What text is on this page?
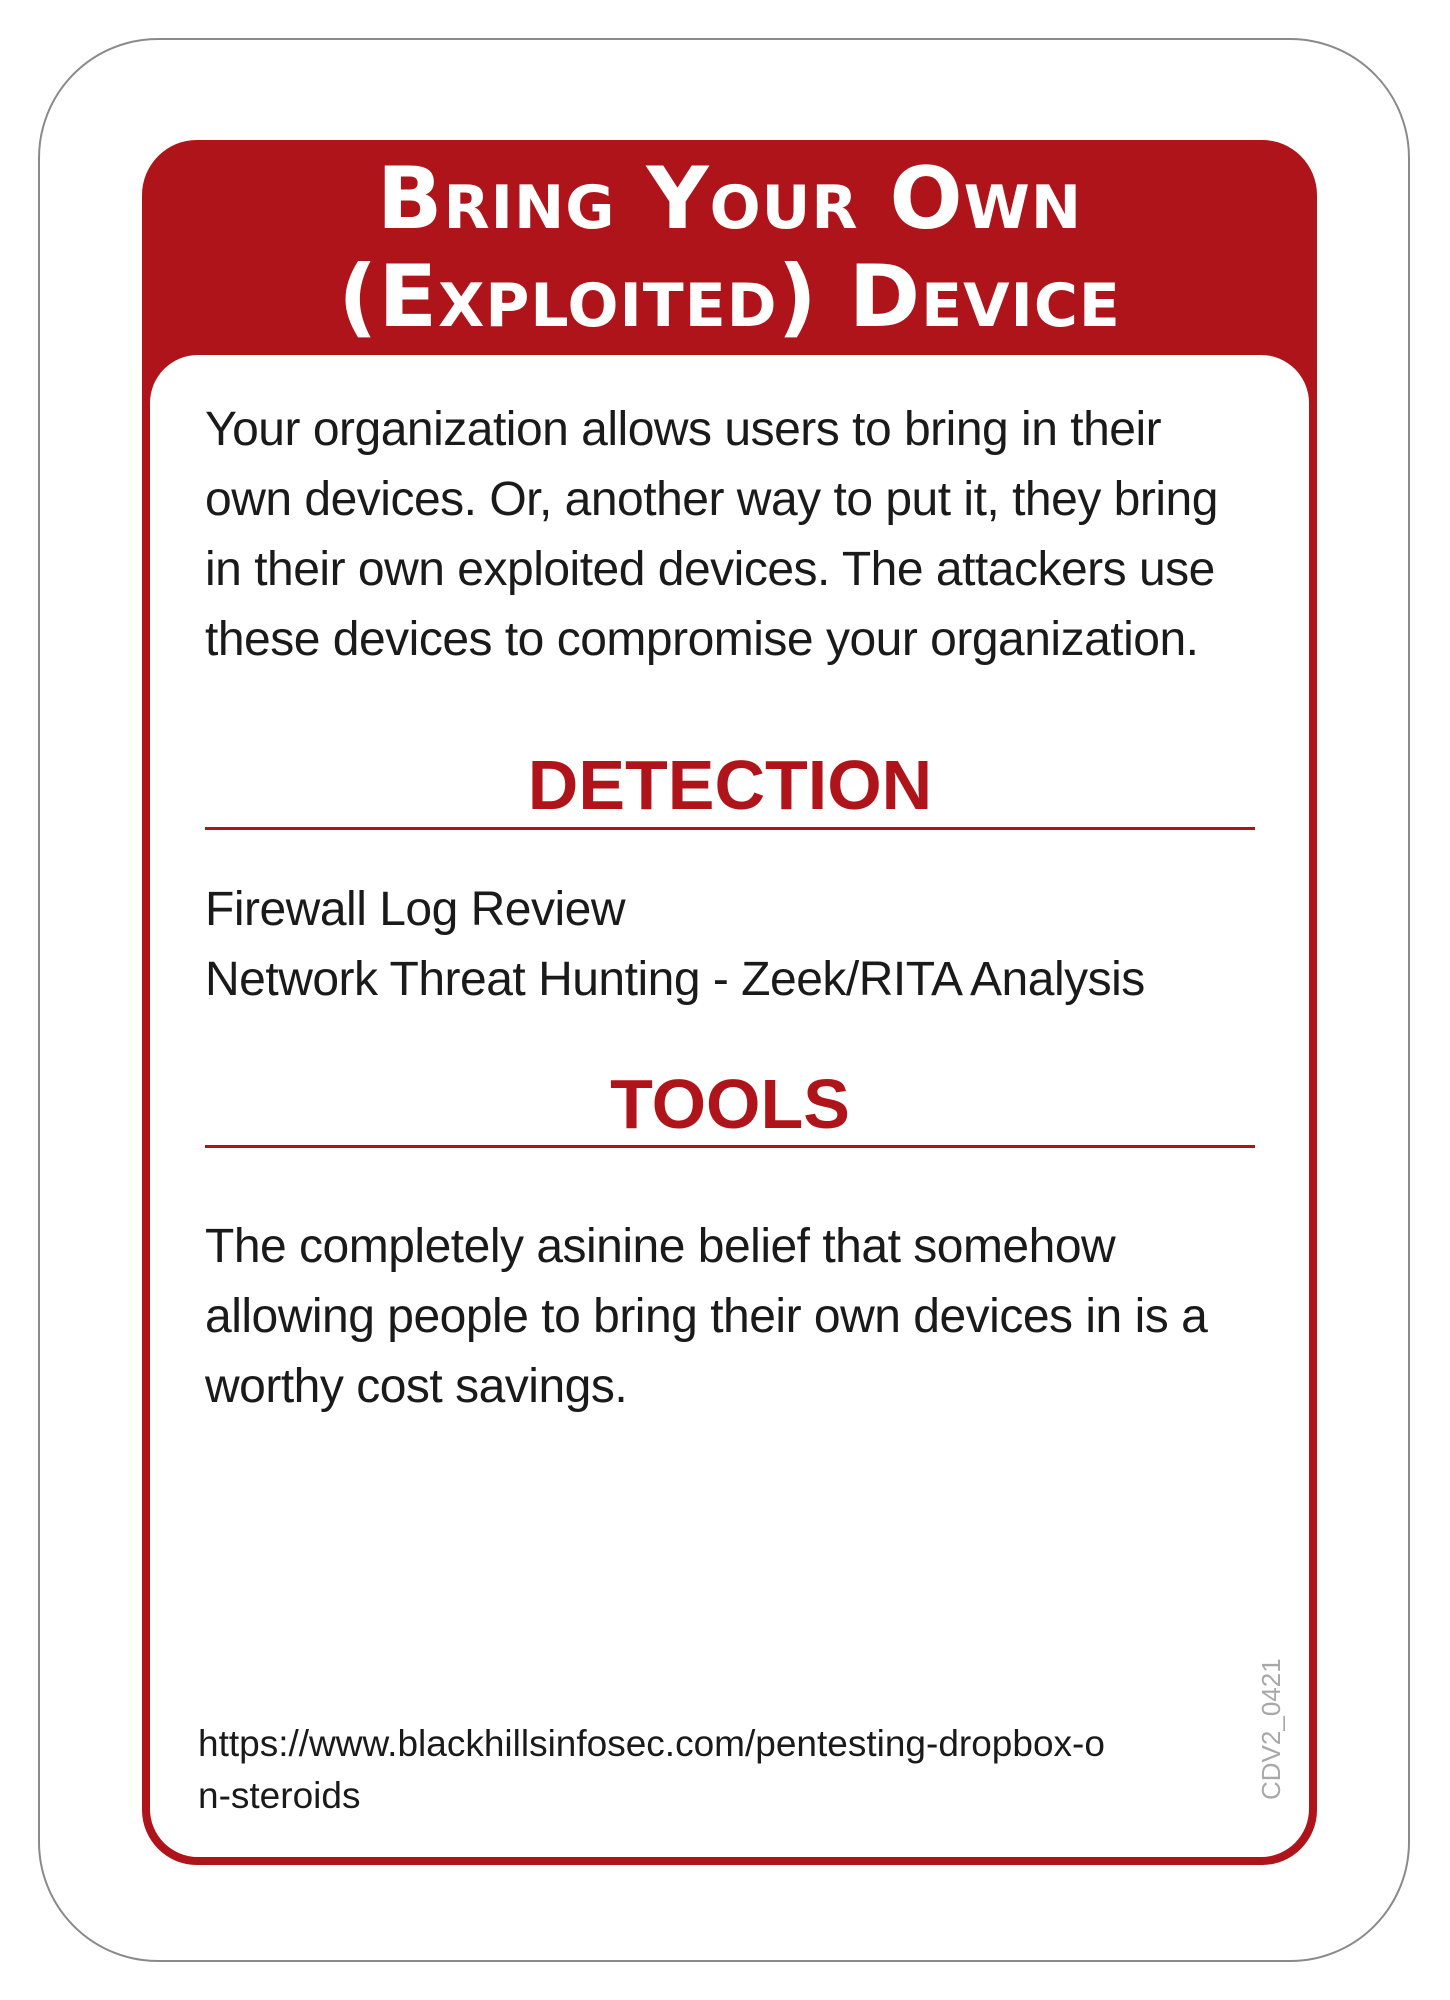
Bring Your Own
(Exploited) Device

Your organization allows users to bring in their own devices. Or, another way to put it, they bring in their own exploited devices. The attackers use these devices to compromise your organization.

DETECTION
Firewall Log Review
Network Threat Hunting - Zeek/RITA Analysis
TOOLS

The completely asinine belief that somehow allowing people to bring their own devices in is a worthy cost savings.

https://www.blackhillsinfosec.com/pentesting-dropbox-on-steroids	CDV2_0421
